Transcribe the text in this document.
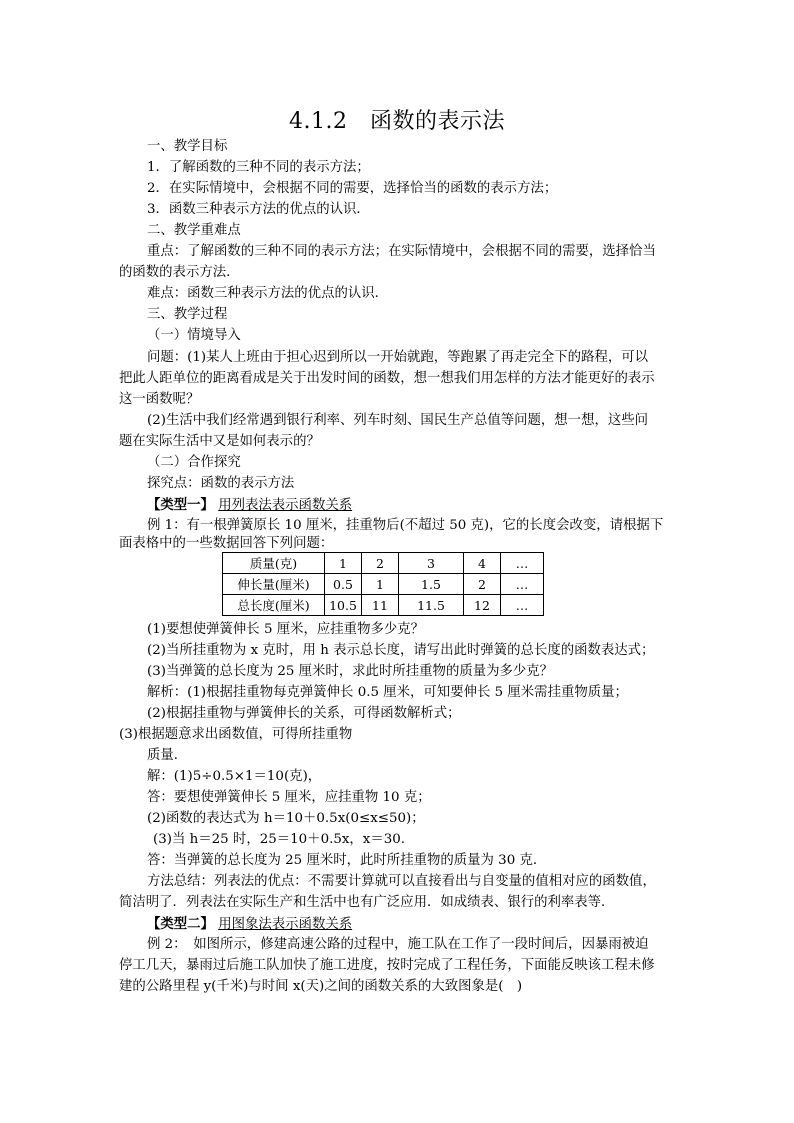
4.1.2　函数的表示法
一、教学目标
1．了解函数的三种不同的表示方法；
2．在实际情境中，会根据不同的需要，选择恰当的函数的表示方法；
3．函数三种表示方法的优点的认识．
二、教学重难点
重点：了解函数的三种不同的表示方法；在实际情境中，会根据不同的需要，选择恰当
的函数的表示方法．
难点：函数三种表示方法的优点的认识．
三、教学过程
（一）情境导入
问题：(1)某人上班由于担心迟到所以一开始就跑，等跑累了再走完全下的路程，可以
把此人距单位的距离看成是关于出发时间的函数，想一想我们用怎样的方法才能更好的表示
这一函数呢？
(2)生活中我们经常遇到银行利率、列车时刻、国民生产总值等问题，想一想，这些问
题在实际生活中又是如何表示的？
（二）合作探究
探究点：函数的表示方法
【类型一】 用列表法表示函数关系
例 1：有一根弹簧原长 10 厘米，挂重物后(不超过 50 克)，它的长度会改变，请根据下
面表格中的一些数据回答下列问题：
质量(克)	1	2	3	4	…
伸长量(厘米)	0.5	1	1.5	2	…
总长度(厘米)	10.5	11	11.5	12	…
(1)要想使弹簧伸长 5 厘米，应挂重物多少克？
(2)当所挂重物为 x 克时，用 h 表示总长度，请写出此时弹簧的总长度的函数表达式；
(3)当弹簧的总长度为 25 厘米时，求此时所挂重物的质量为多少克？
解析：(1)根据挂重物每克弹簧伸长 0.5 厘米，可知要伸长 5 厘米需挂重物质量；
(2)根据挂重物与弹簧伸长的关系，可得函数解析式；
(3)根据题意求出函数值，可得所挂重物
质量．
解：(1)5÷0.5×1＝10(克)，
答：要想使弹簧伸长 5 厘米，应挂重物 10 克；
(2)函数的表达式为 h＝10＋0.5x(0≤x≤50)；
(3)当 h＝25 时，25＝10＋0.5x，x＝30.
答：当弹簧的总长度为 25 厘米时，此时所挂重物的质量为 30 克．
方法总结：列表法的优点：不需要计算就可以直接看出与自变量的值相对应的函数值，
简洁明了．列表法在实际生产和生活中也有广泛应用．如成绩表、银行的利率表等．
【类型二】 用图象法表示函数关系
例 2：　如图所示，修建高速公路的过程中，施工队在工作了一段时间后，因暴雨被迫
停工几天，暴雨过后施工队加快了施工进度，按时完成了工程任务，下面能反映该工程未修
建的公路里程 y(千米)与时间 x(天)之间的函数关系的大致图象是(　)
